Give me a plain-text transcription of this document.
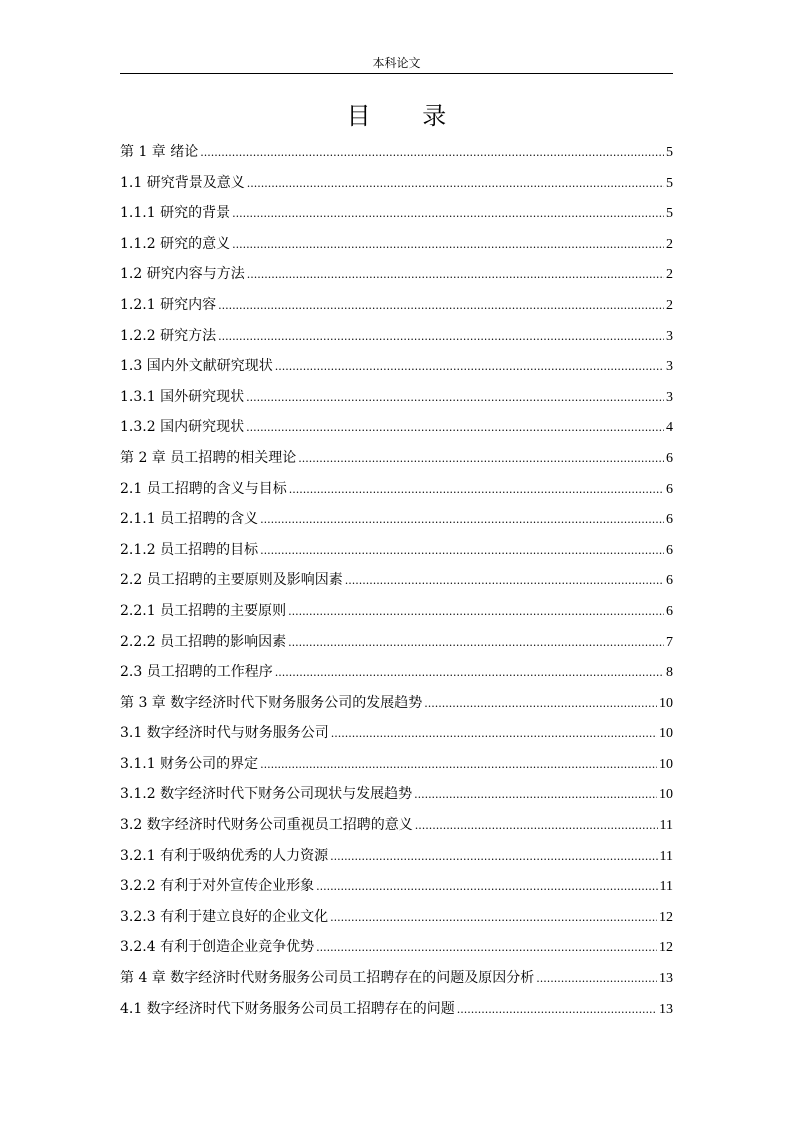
本科论文
目 录
第 1 章 绪论 .....	5
1.1 研究背景及意义 .....	5
1.1.1 研究的背景 .....	5
1.1.2 研究的意义 .....	2
1.2 研究内容与方法 .....	2
1.2.1 研究内容 .....	2
1.2.2 研究方法 .....	3
1.3 国内外文献研究现状 .....	3
1.3.1 国外研究现状 .....	3
1.3.2 国内研究现状 .....	4
第 2 章 员工招聘的相关理论 .....	6
2.1 员工招聘的含义与目标 .....	6
2.1.1 员工招聘的含义 .....	6
2.1.2 员工招聘的目标 .....	6
2.2 员工招聘的主要原则及影响因素 .....	6
2.2.1 员工招聘的主要原则 .....	6
2.2.2 员工招聘的影响因素 .....	7
2.3 员工招聘的工作程序 .....	8
第 3 章 数字经济时代下财务服务公司的发展趋势 .....	10
3.1 数字经济时代与财务服务公司 .....	10
3.1.1 财务公司的界定 .....	10
3.1.2 数字经济时代下财务公司现状与发展趋势 .....	10
3.2 数字经济时代财务公司重视员工招聘的意义 .....	11
3.2.1 有利于吸纳优秀的人力资源 .....	11
3.2.2 有利于对外宣传企业形象 .....	11
3.2.3 有利于建立良好的企业文化 .....	12
3.2.4 有利于创造企业竞争优势 .....	12
第 4 章 数字经济时代财务服务公司员工招聘存在的问题及原因分析 .....	13
4.1 数字经济时代下财务服务公司员工招聘存在的问题 .....	13
